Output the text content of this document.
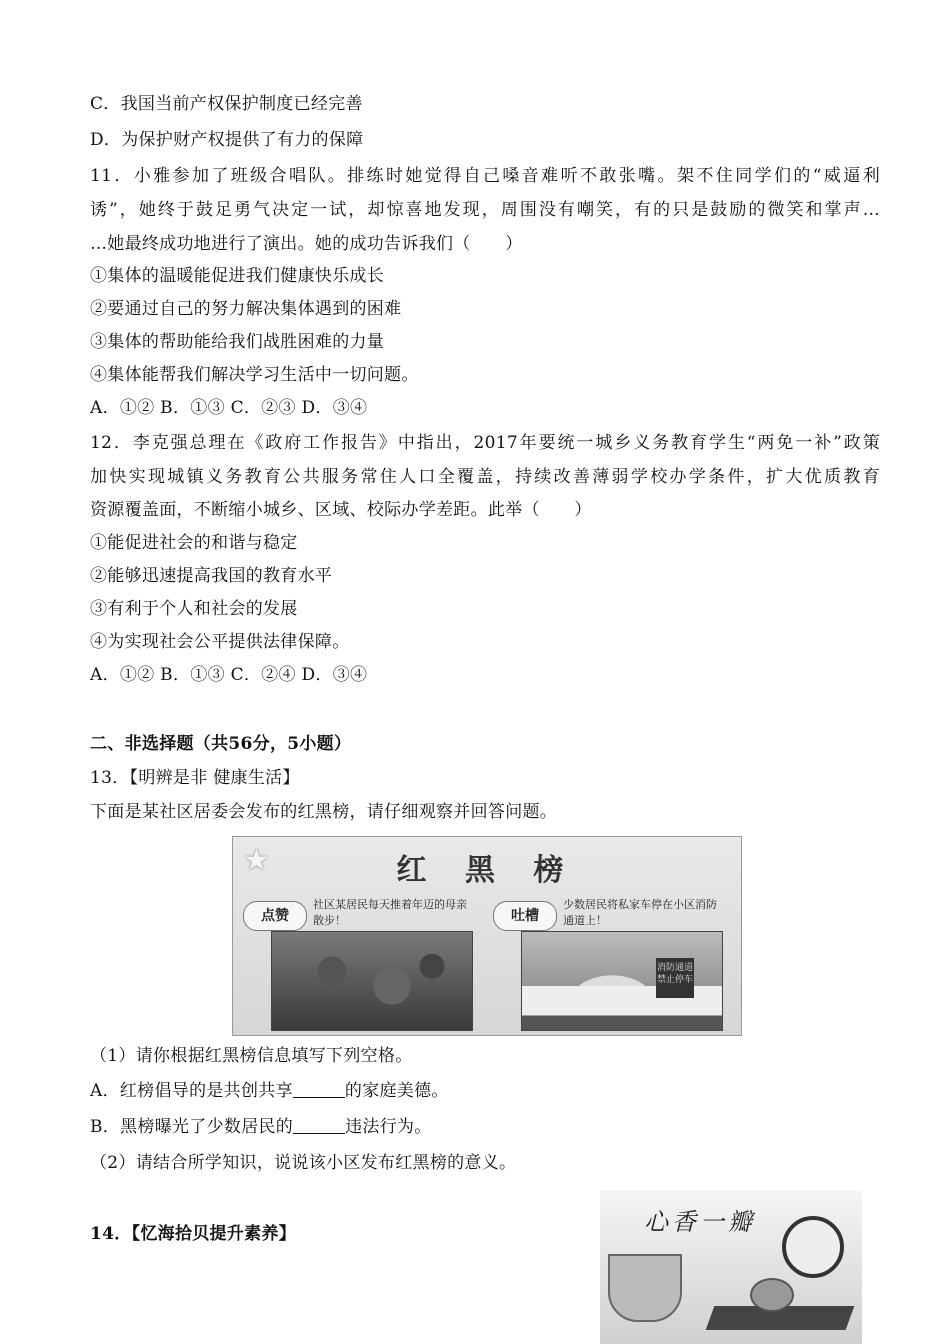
C．我国当前产权保护制度已经完善
D．为保护财产权提供了有力的保障
11．小雅参加了班级合唱队。排练时她觉得自己嗓音难听不敢张嘴。架不住同学们的“威逼利
诱”，她终于鼓足勇气决定一试，却惊喜地发现，周围没有嘲笑，有的只是鼓励的微笑和掌声…
…她最终成功地进行了演出。她的成功告诉我们（　　）
①集体的温暖能促进我们健康快乐成长
②要通过自己的努力解决集体遇到的困难
③集体的帮助能给我们战胜困难的力量
④集体能帮我们解决学习生活中一切问题。
A．①② B．①③ C．②③ D．③④
12．李克强总理在《政府工作报告》中指出，2017年要统一城乡义务教育学生“两免一补”政策
加快实现城镇义务教育公共服务常住人口全覆盖，持续改善薄弱学校办学条件，扩大优质教育
资源覆盖面，不断缩小城乡、区域、校际办学差距。此举（　　）
①能促进社会的和谐与稳定
②能够迅速提高我国的教育水平
③有利于个人和社会的发展
④为实现社会公平提供法律保障。
A．①② B．①③ C．②④ D．③④
二、非选择题（共56分，5小题）
13．【明辨是非 健康生活】
下面是某社区居委会发布的红黑榜，请仔细观察并回答问题。
★	红 黑 榜
点赞
社区某居民每天推着年迈的母亲散步！	吐槽
少数居民将私家车停在小区消防通道上！
消防通道禁止停车
（1）请你根据红黑榜信息填写下列空格。
A．红榜倡导的是共创共享	的家庭美德。
B．黑榜曝光了少数居民的	违法行为。
（2）请结合所学知识，说说该小区发布红黑榜的意义。
14．【忆海拾贝提升素养】	心香一瓣
